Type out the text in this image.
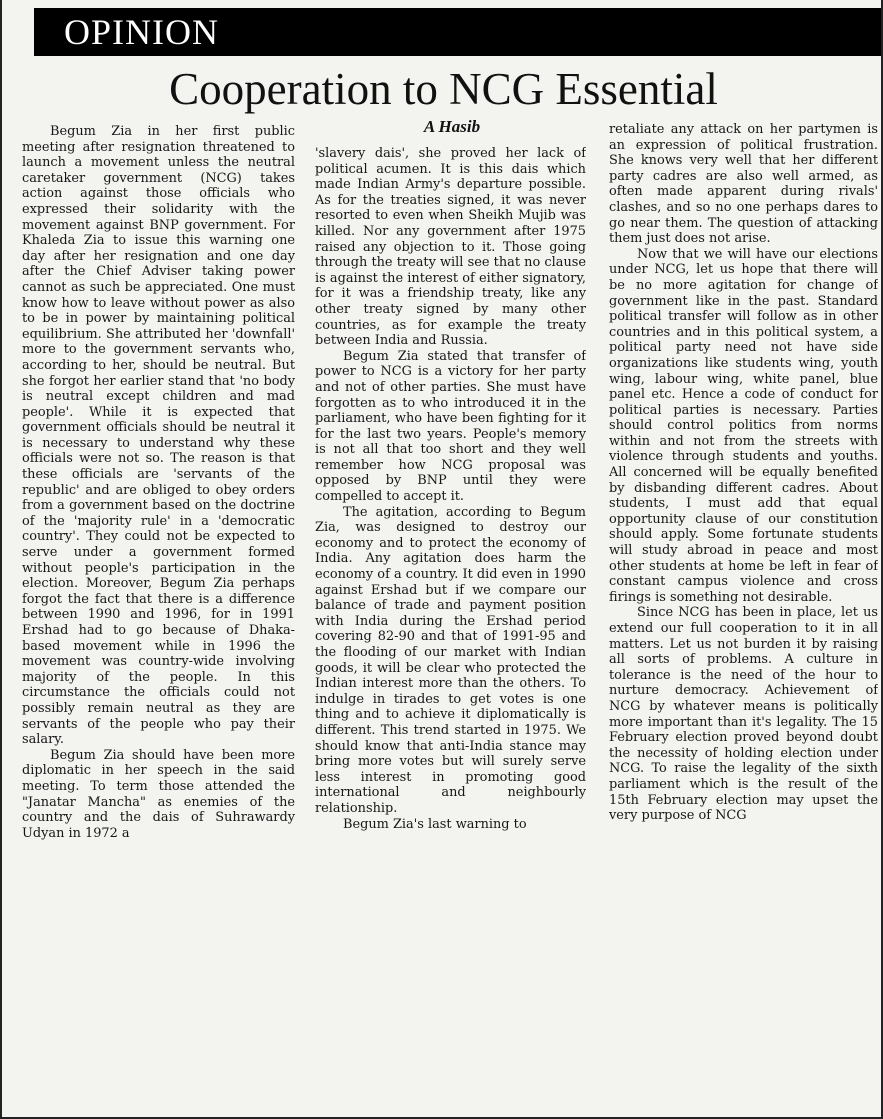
OPINION
Cooperation to NCG Essential
A Hasib

Begum Zia in her first public meeting after resignation threatened to launch a movement unless the neutral caretaker government (NCG) takes action against those officials who expressed their solidarity with the movement against BNP government. For Khaleda Zia to issue this warning one day after her resignation and one day after the Chief Adviser taking power cannot as such be appreciated. One must know how to leave without power as also to be in power by maintaining political equilibrium. She attributed her 'downfall' more to the government servants who, according to her, should be neutral. But she forgot her earlier stand that 'no body is neutral except children and mad people'. While it is expected that government officials should be neutral it is necessary to understand why these officials were not so. The reason is that these officials are 'servants of the republic' and are obliged to obey orders from a government based on the doctrine of the 'majority rule' in a 'democratic country'. They could not be expected to serve under a government formed without people's participation in the election. Moreover, Begum Zia perhaps forgot the fact that there is a difference between 1990 and 1996, for in 1991 Ershad had to go because of Dhaka-based movement while in 1996 the movement was country-wide involving majority of the people. In this circumstance the officials could not possibly remain neutral as they are servants of the people who pay their salary.

Begum Zia should have been more diplomatic in her speech in the said meeting. To term those attended the "Janatar Mancha" as enemies of the country and the dais of Suhrawardy Udyan in 1972 a

'slavery dais', she proved her lack of political acumen. It is this dais which made Indian Army's departure possible. As for the treaties signed, it was never resorted to even when Sheikh Mujib was killed. Nor any government after 1975 raised any objection to it. Those going through the treaty will see that no clause is against the interest of either signatory, for it was a friendship treaty, like any other treaty signed by many other countries, as for example the treaty between India and Russia.

Begum Zia stated that transfer of power to NCG is a victory for her party and not of other parties. She must have forgotten as to who introduced it in the parliament, who have been fighting for it for the last two years. People's memory is not all that too short and they well remember how NCG proposal was opposed by BNP until they were compelled to accept it.

The agitation, according to Begum Zia, was designed to destroy our economy and to protect the economy of India. Any agitation does harm the economy of a country. It did even in 1990 against Ershad but if we compare our balance of trade and payment position with India during the Ershad period covering 82-90 and that of 1991-95 and the flooding of our market with Indian goods, it will be clear who protected the Indian interest more than the others. To indulge in tirades to get votes is one thing and to achieve it diplomatically is different. This trend started in 1975. We should know that anti-India stance may bring more votes but will surely serve less interest in promoting good international and neighbourly relationship.

Begum Zia's last warning to

retaliate any attack on her partymen is an expression of political frustration. She knows very well that her different party cadres are also well armed, as often made apparent during rivals' clashes, and so no one perhaps dares to go near them. The question of attacking them just does not arise.

Now that we will have our elections under NCG, let us hope that there will be no more agitation for change of government like in the past. Standard political transfer will follow as in other countries and in this political system, a political party need not have side organizations like students wing, youth wing, labour wing, white panel, blue panel etc. Hence a code of conduct for political parties is necessary. Parties should control politics from norms within and not from the streets with violence through students and youths. All concerned will be equally benefited by disbanding different cadres. About students, I must add that equal opportunity clause of our constitution should apply. Some fortunate students will study abroad in peace and most other students at home be left in fear of constant campus violence and cross firings is something not desirable.

Since NCG has been in place, let us extend our full cooperation to it in all matters. Let us not burden it by raising all sorts of problems. A culture in tolerance is the need of the hour to nurture democracy. Achievement of NCG by whatever means is politically more important than it's legality. The 15 February election proved beyond doubt the necessity of holding election under NCG. To raise the legality of the sixth parliament which is the result of the 15th February election may upset the very purpose of NCG
